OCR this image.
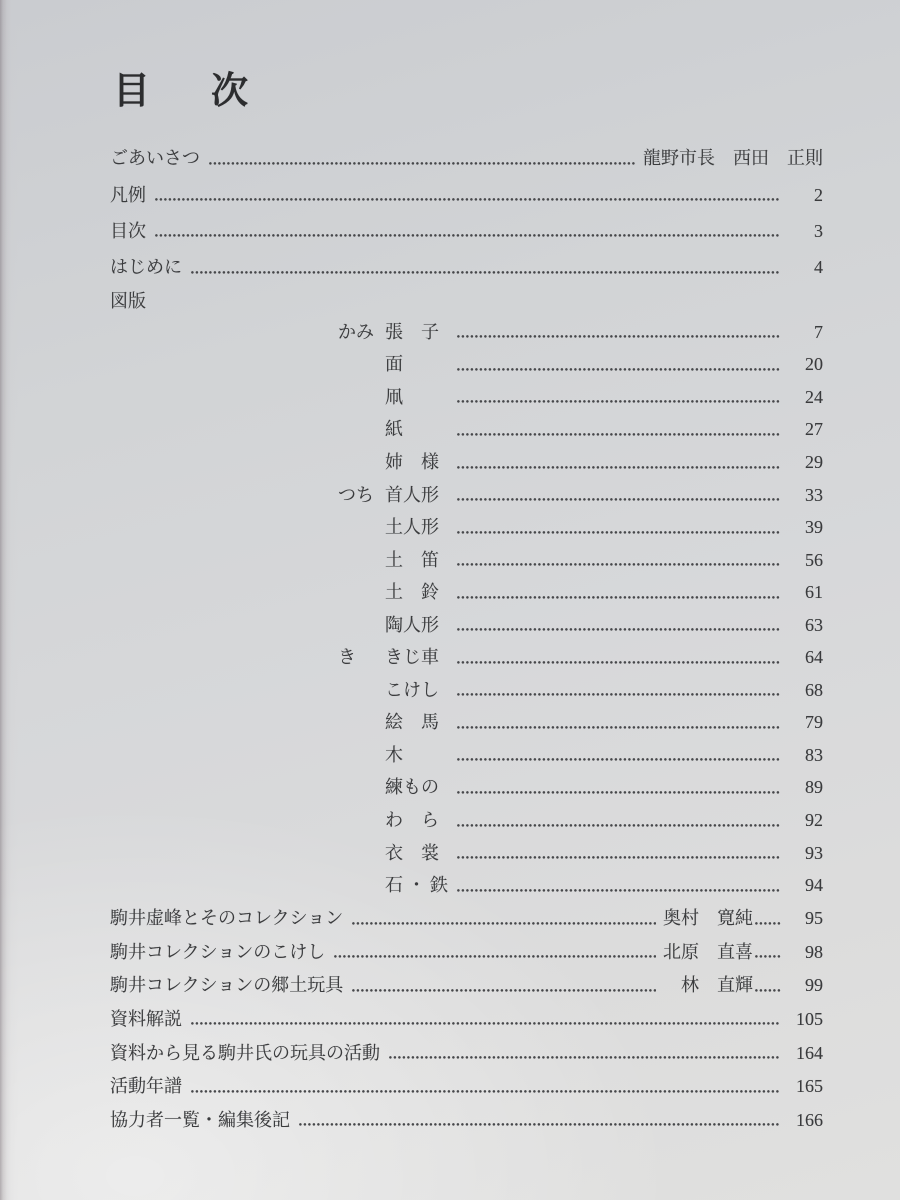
目　次
ごあいさつ	龍野市長　西田　正則
凡例	2
目次	3
はじめに	4
図版
かみ 張　子	7
面	20
凧	24
紙	27
姉　様	29
つち 首人形	33
土人形	39
土　笛	56
土　鈴	61
陶人形	63
き	きじ車	64
こけし	68
絵　馬	79
木	83
練もの	89
わ　ら	92
衣　裳	93
石 ・ 鉄	94
駒井虚峰とそのコレクション	奥村　寛純	95
駒井コレクションのこけし	北原　直喜	98
駒井コレクションの郷土玩具	　林　直輝	99
資料解説	105
資料から見る駒井氏の玩具の活動	164
活動年譜	165
協力者一覧・編集後記	166
